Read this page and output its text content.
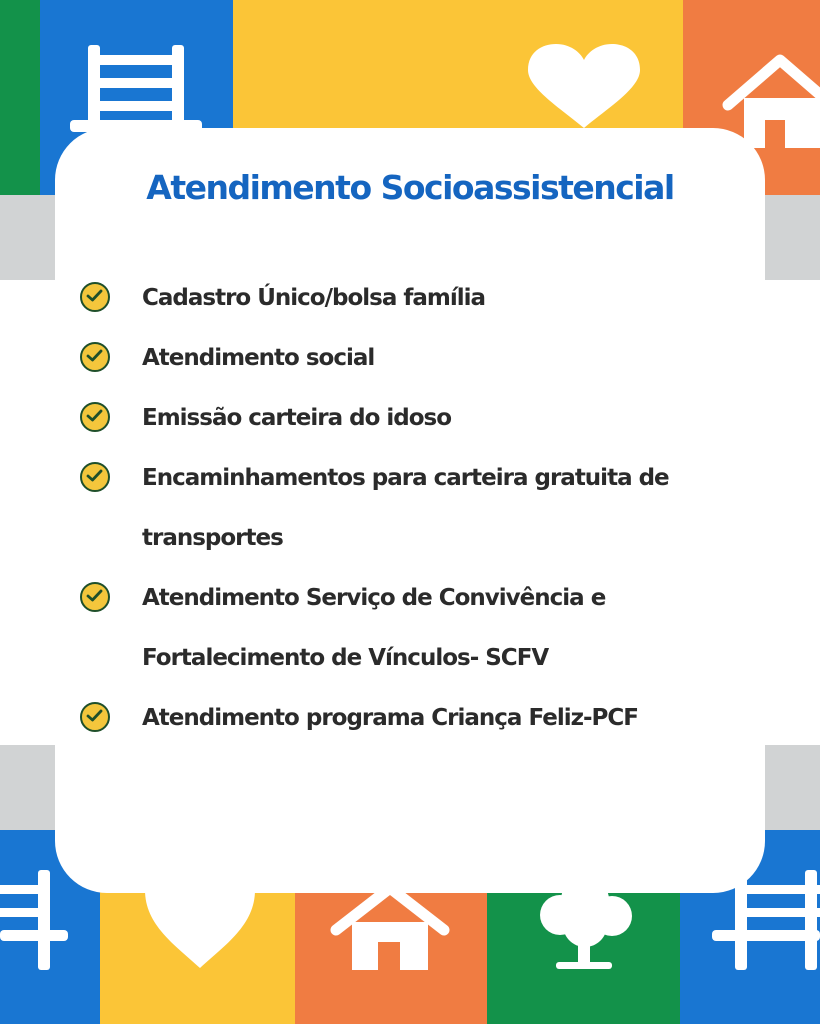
Atendimento Socioassistencial
Cadastro Único/bolsa família
Atendimento social
Emissão carteira do idoso
Encaminhamentos para carteira gratuita de transportes
Atendimento Serviço de Convivência e Fortalecimento de Vínculos- SCFV
Atendimento programa Criança Feliz-PCF
